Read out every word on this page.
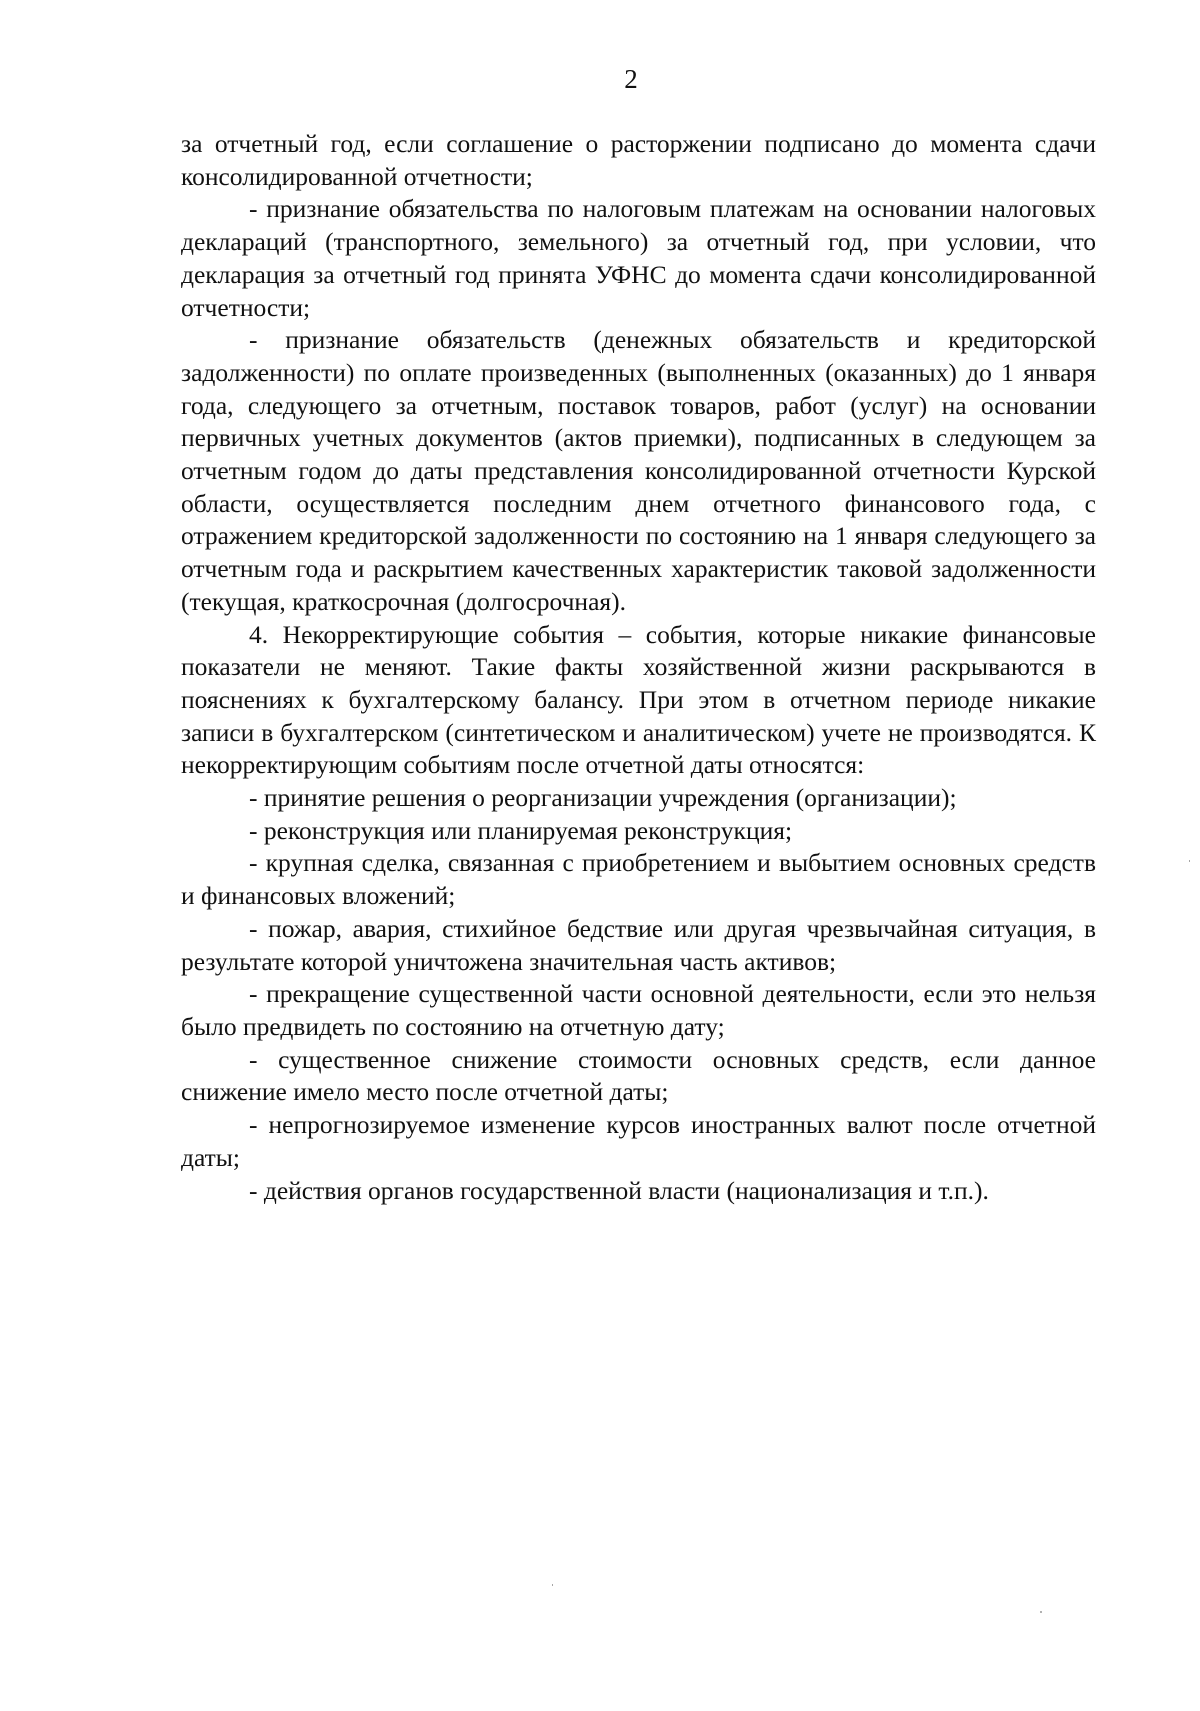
2

за отчетный год, если соглашение о расторжении подписано до момента сдачи консолидированной отчетности;

- признание обязательства по налоговым платежам на основании налоговых деклараций (транспортного, земельного) за отчетный год, при условии, что декларация за отчетный год принята УФНС до момента сдачи консолидированной отчетности;

- признание обязательств (денежных обязательств и кредиторской задолженности) по оплате произведенных (выполненных (оказанных) до 1 января года, следующего за отчетным, поставок товаров, работ (услуг) на основании первичных учетных документов (актов приемки), подписанных в следующем за отчетным годом до даты представления консолидированной отчетности Курской области, осуществляется последним днем отчетного финансового года, с отражением кредиторской задолженности по состоянию на 1 января следующего за отчетным года и раскрытием качественных характеристик таковой задолженности (текущая, краткосрочная (долгосрочная).

4. Некорректирующие события – события, которые никакие финансовые показатели не меняют. Такие факты хозяйственной жизни раскрываются в пояснениях к бухгалтерскому балансу. При этом в отчетном периоде никакие записи в бухгалтерском (синтетическом и аналитическом) учете не производятся. К некорректирующим событиям после отчетной даты относятся:

- принятие решения о реорганизации учреждения (организации);

- реконструкция или планируемая реконструкция;

- крупная сделка, связанная с приобретением и выбытием основных средств и финансовых вложений;

- пожар, авария, стихийное бедствие или другая чрезвычайная ситуация, в результате которой уничтожена значительная часть активов;

- прекращение существенной части основной деятельности, если это нельзя было предвидеть по состоянию на отчетную дату;

- существенное снижение стоимости основных средств, если данное снижение имело место после отчетной даты;

- непрогнозируемое изменение курсов иностранных валют после отчетной даты;

- действия органов государственной власти (национализация и т.п.).
